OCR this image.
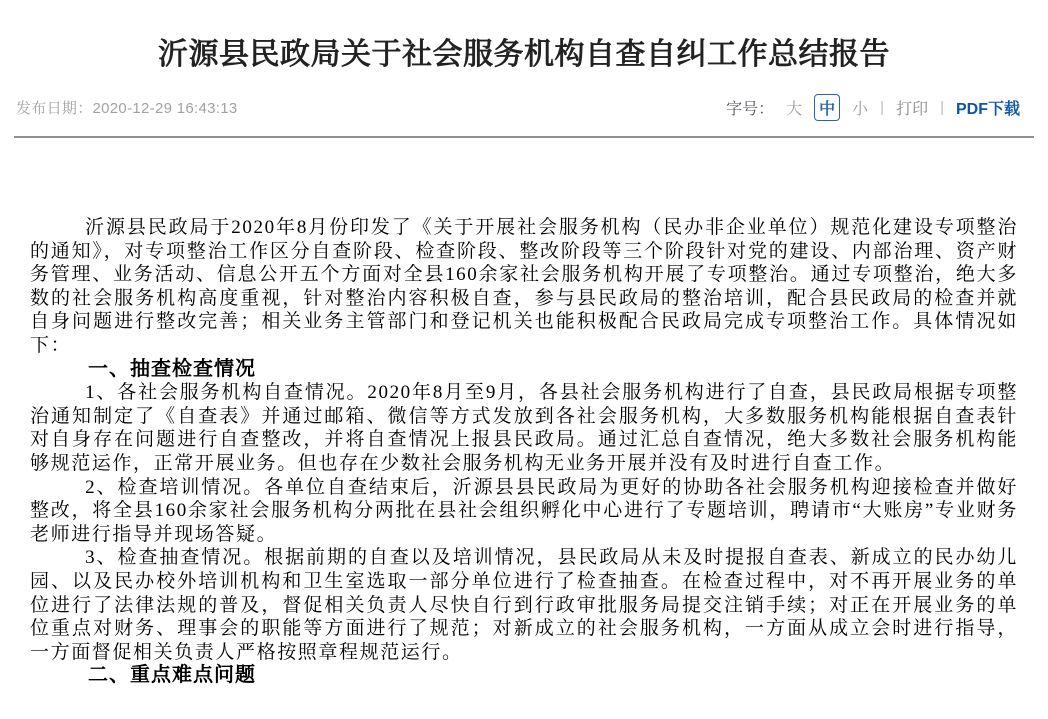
沂源县民政局关于社会服务机构自查自纠工作总结报告
发布日期：2020-12-29 16:43:13	字号： 大	中	小 | 打印 | PDF下载

沂源县民政局于2020年8月份印发了《关于开展社会服务机构（民办非企业单位）规范化建设专项整治的通知》，对专项整治工作区分自查阶段、检查阶段、整改阶段等三个阶段针对党的建设、内部治理、资产财务管理、业务活动、信息公开五个方面对全县160余家社会服务机构开展了专项整治。通过专项整治，绝大多数的社会服务机构高度重视，针对整治内容积极自查，参与县民政局的整治培训，配合县民政局的检查并就自身问题进行整改完善；相关业务主管部门和登记机关也能积极配合民政局完成专项整治工作。具体情况如下：

一、抽查检查情况

1、各社会服务机构自查情况。2020年8月至9月，各县社会服务机构进行了自查，县民政局根据专项整治通知制定了《自查表》并通过邮箱、微信等方式发放到各社会服务机构，大多数服务机构能根据自查表针对自身存在问题进行自查整改，并将自查情况上报县民政局。通过汇总自查情况，绝大多数社会服务机构能够规范运作，正常开展业务。但也存在少数社会服务机构无业务开展并没有及时进行自查工作。

2、检查培训情况。各单位自查结束后，沂源县县民政局为更好的协助各社会服务机构迎接检查并做好整改，将全县160余家社会服务机构分两批在县社会组织孵化中心进行了专题培训，聘请市“大账房”专业财务老师进行指导并现场答疑。

3、检查抽查情况。根据前期的自查以及培训情况，县民政局从未及时提报自查表、新成立的民办幼儿园、以及民办校外培训机构和卫生室选取一部分单位进行了检查抽查。在检查过程中，对不再开展业务的单位进行了法律法规的普及，督促相关负责人尽快自行到行政审批服务局提交注销手续；对正在开展业务的单位重点对财务、理事会的职能等方面进行了规范；对新成立的社会服务机构，一方面从成立会时进行指导，一方面督促相关负责人严格按照章程规范运行。

二、重点难点问题
